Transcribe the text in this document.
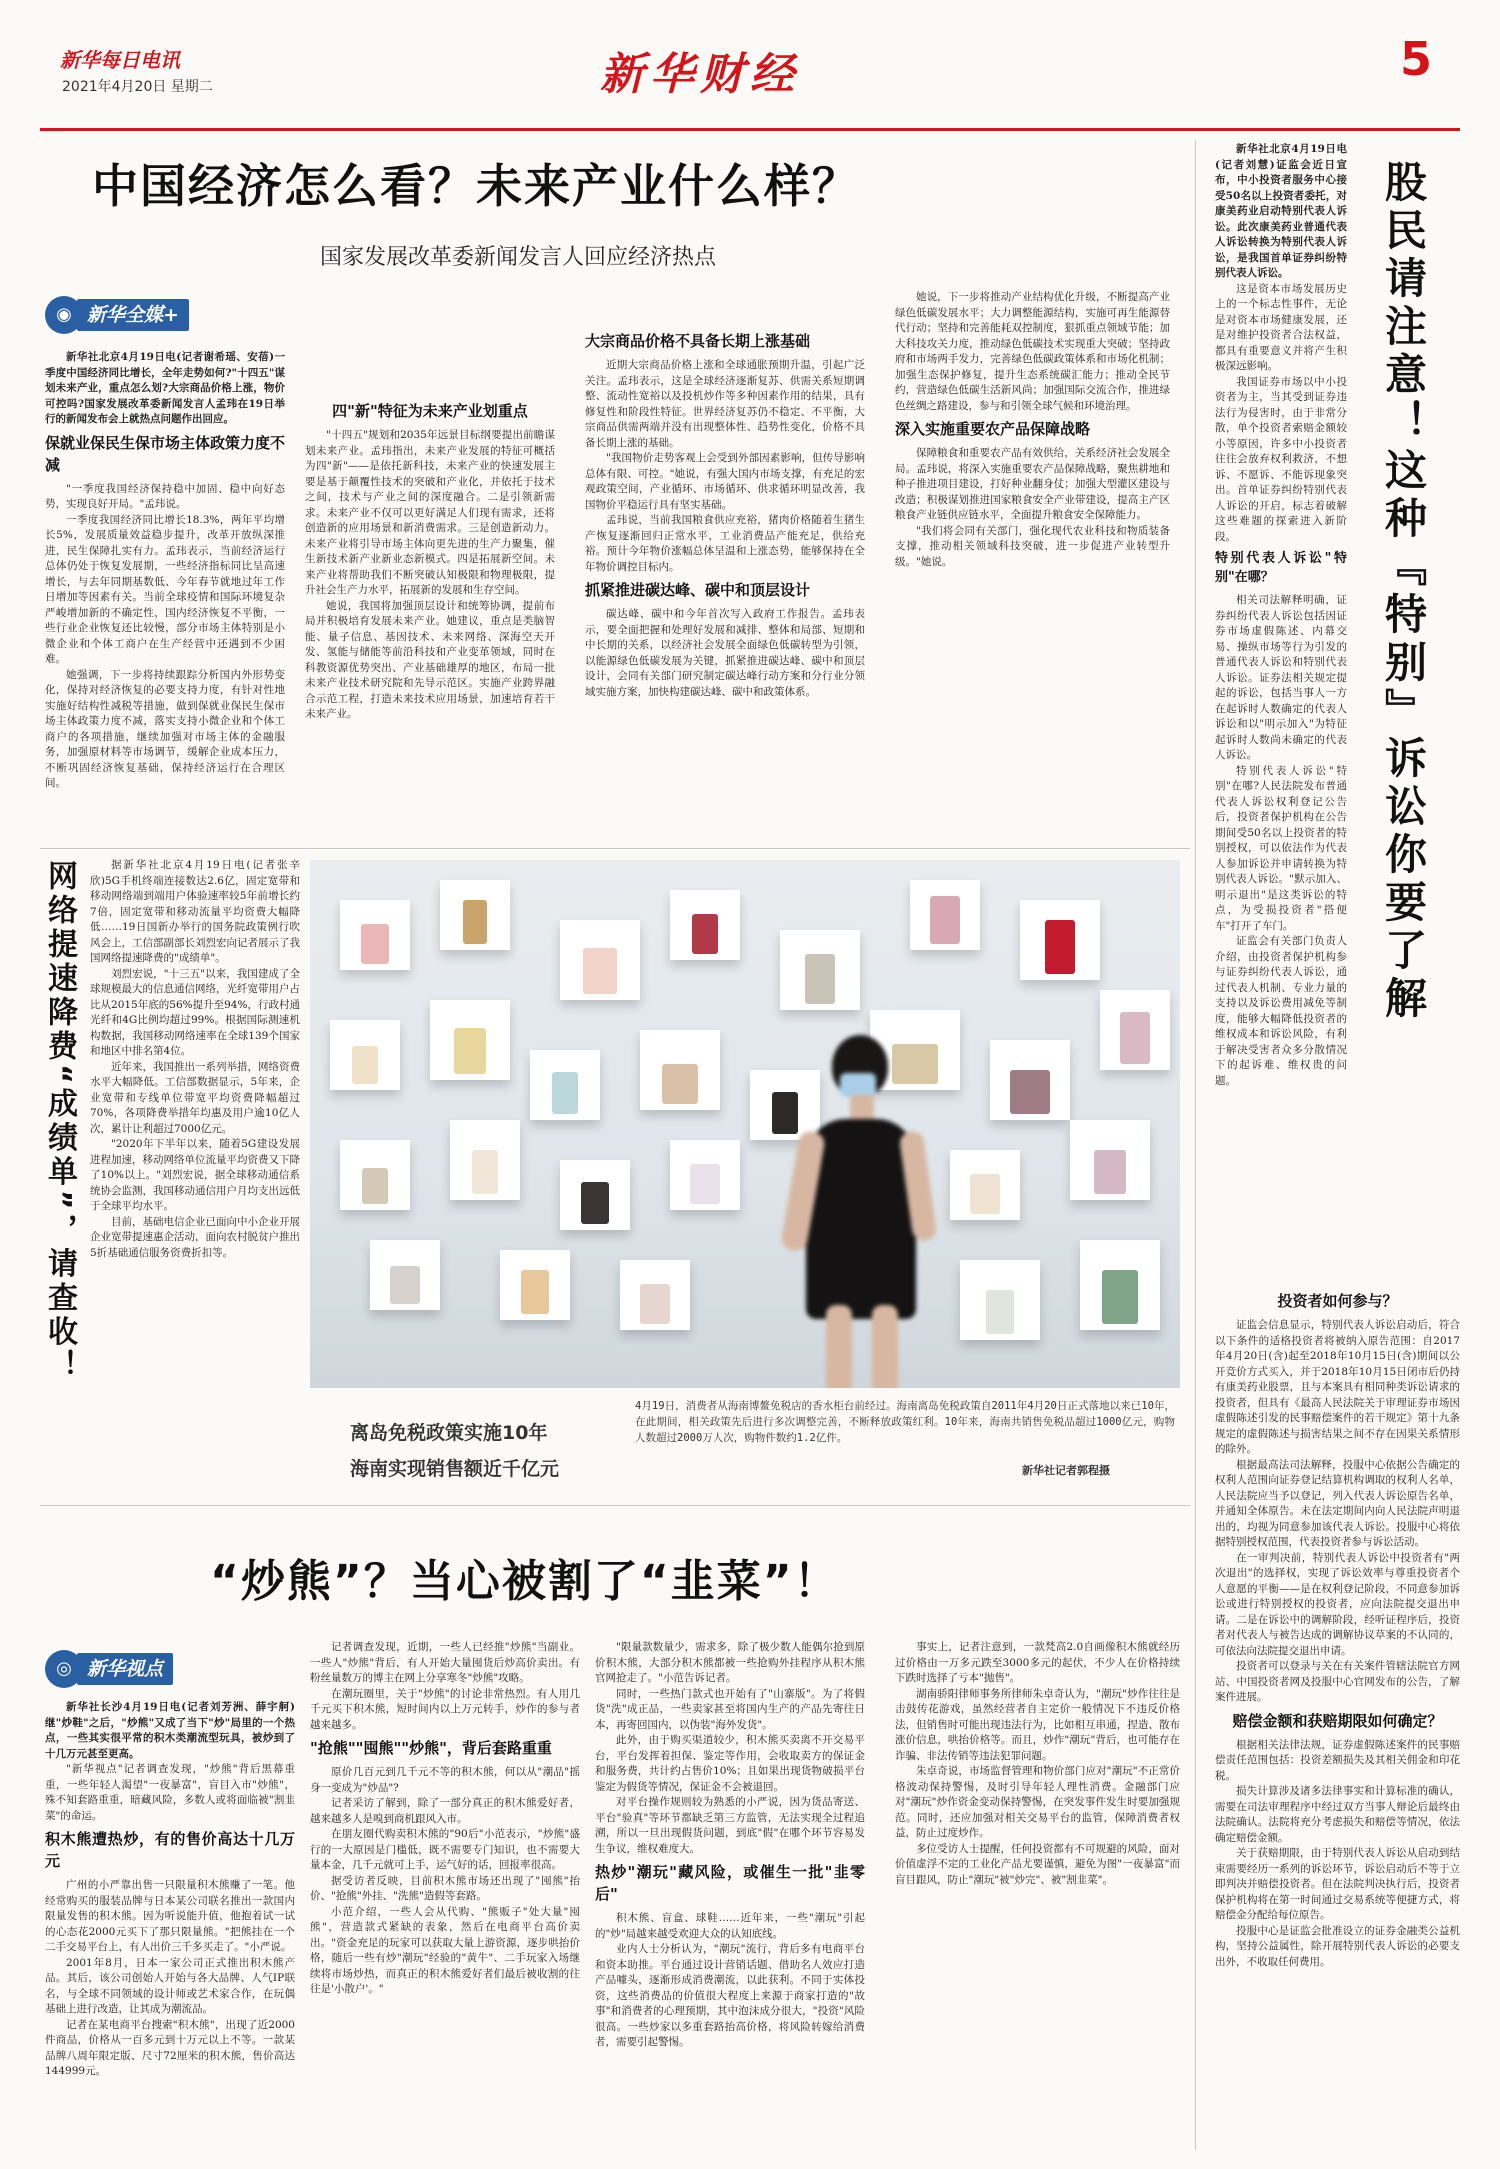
新华每日电讯
2021年4月20日 星期二	新华财经	5
中国经济怎么看？未来产业什么样？
国家发展改革委新闻发言人回应经济热点
◉ 新华全媒+

新华社北京4月19日电(记者谢希瑶、安蓓)一季度中国经济同比增长，全年走势如何?"十四五"谋划未来产业，重点怎么划?大宗商品价格上涨，物价可控吗?国家发展改革委新闻发言人孟玮在19日举行的新闻发布会上就热点问题作出回应。

保就业保民生保市场主体政策力度不减

"一季度我国经济保持稳中加固、稳中向好态势，实现良好开局。"孟玮说。

一季度我国经济同比增长18.3%，两年平均增长5%，发展质量效益稳步提升，改革开放纵深推进，民生保障扎实有力。孟玮表示，当前经济运行总体仍处于恢复发展期，一些经济指标同比呈高速增长，与去年同期基数低、今年春节就地过年工作日增加等因素有关。当前全球疫情和国际环境复杂严峻增加新的不确定性，国内经济恢复不平衡，一些行业企业恢复还比较慢，部分市场主体特别是小微企业和个体工商户在生产经营中还遇到不少困难。

她强调，下一步将持续跟踪分析国内外形势变化，保持对经济恢复的必要支持力度，有针对性地实施好结构性减税等措施，做到保就业保民生保市场主体政策力度不减，落实支持小微企业和个体工商户的各项措施，继续加强对市场主体的金融服务，加强原材料等市场调节，缓解企业成本压力，不断巩固经济恢复基础，保持经济运行在合理区间。

四"新"特征为未来产业划重点

"十四五"规划和2035年远景目标纲要提出前瞻谋划未来产业。孟玮指出，未来产业发展的特征可概括为四"新"——是依托新科技，未来产业的快速发展主要是基于颠覆性技术的突破和产业化，并依托于技术之间，技术与产业之间的深度融合。二是引领新需求。未来产业不仅可以更好满足人们现有需求，还将创造新的应用场景和新消费需求。三是创造新动力。未来产业将引导市场主体向更先进的生产力聚集，催生新技术新产业新业态新模式。四是拓展新空间。未来产业将帮助我们不断突破认知极限和物理极限，提升社会生产力水平，拓展新的发展和生存空间。

她说，我国将加强顶层设计和统筹协调，提前布局并积极培育发展未来产业。她建议，重点是类脑智能、量子信息、基因技术、未来网络、深海空天开发、氢能与储能等前沿科技和产业变革领域，同时在科教资源优势突出、产业基础雄厚的地区，布局一批未来产业技术研究院和先导示范区。实施产业跨界融合示范工程，打造未来技术应用场景，加速培育若干未来产业。

大宗商品价格不具备长期上涨基础

近期大宗商品价格上涨和全球通胀预期升温，引起广泛关注。孟玮表示，这是全球经济逐渐复苏、供需关系短期调整、流动性宽裕以及投机炒作等多种因素作用的结果，具有修复性和阶段性特征。世界经济复苏仍不稳定、不平衡，大宗商品供需两端并没有出现整体性、趋势性变化，价格不具备长期上涨的基础。

"我国物价走势客观上会受到外部因素影响，但传导影响总体有限、可控。"她说，有强大国内市场支撑，有充足的宏观政策空间，产业循环、市场循环、供求循环明显改善，我国物价平稳运行具有坚实基础。

孟玮说，当前我国粮食供应充裕，猪肉价格随着生猪生产恢复逐渐回归正常水平，工业消费品产能充足，供给充裕。预计今年物价涨幅总体呈温和上涨态势，能够保持在全年物价调控目标内。

抓紧推进碳达峰、碳中和顶层设计

碳达峰、碳中和今年首次写入政府工作报告。孟玮表示，要全面把握和处理好发展和减排、整体和局部、短期和中长期的关系，以经济社会发展全面绿色低碳转型为引领，以能源绿色低碳发展为关键，抓紧推进碳达峰、碳中和顶层设计，会同有关部门研究制定碳达峰行动方案和分行业分领域实施方案，加快构建碳达峰、碳中和政策体系。

她说，下一步将推动产业结构优化升级，不断提高产业绿色低碳发展水平；大力调整能源结构，实施可再生能源替代行动；坚持和完善能耗双控制度，狠抓重点领域节能；加大科技攻关力度，推动绿色低碳技术实现重大突破；坚持政府和市场两手发力，完善绿色低碳政策体系和市场化机制；加强生态保护修复，提升生态系统碳汇能力；推动全民节约，营造绿色低碳生活新风尚；加强国际交流合作，推进绿色丝绸之路建设，参与和引领全球气候和环境治理。

深入实施重要农产品保障战略

保障粮食和重要农产品有效供给，关系经济社会发展全局。孟玮说，将深入实施重要农产品保障战略，聚焦耕地和种子推进项目建设，打好种业翻身仗；加强大型灌区建设与改造；积极谋划推进国家粮食安全产业带建设，提高主产区粮食产业链供应链水平，全面提升粮食安全保障能力。

"我们将会同有关部门，强化现代农业科技和物质装备支撑，推动相关领域科技突破，进一步促进产业转型升级。"她说。

网络提速降费“成绩单”，请查收！	据新华社北京4月19日电(记者张辛欣)5G手机终端连接数达2.6亿，固定宽带和移动网络端到端用户体验速率较5年前增长约7倍，固定宽带和移动流量平均资费大幅降低……19日国新办举行的国务院政策例行吹风会上，工信部副部长刘烈宏向记者展示了我国网络提速降费的"成绩单"。

刘烈宏说，"十三五"以来，我国建成了全球规模最大的信息通信网络，光纤宽带用户占比从2015年底的56%提升至94%，行政村通光纤和4G比例均超过99%。根据国际测速机构数据，我国移动网络速率在全球139个国家和地区中排名第4位。

近年来，我国推出一系列举措，网络资费水平大幅降低。工信部数据显示，5年来，企业宽带和专线单位带宽平均资费降幅超过70%，各项降费举措年均惠及用户逾10亿人次，累计让利超过7000亿元。

"2020年下半年以来，随着5G建设发展进程加速，移动网络单位流量平均资费又下降了10%以上。"刘烈宏说，据全球移动通信系统协会监测，我国移动通信用户月均支出远低于全球平均水平。

目前，基础电信企业已面向中小企业开展企业宽带提速惠企活动，面向农村脱贫户推出5折基础通信服务资费折扣等。

离岛免税政策实施10年
海南实现销售额近千亿元
4月19日，消费者从海南博鳌免税店的香水柜台前经过。海南离岛免税政策自2011年4月20日正式落地以来已10年，在此期间，相关政策先后进行多次调整完善，不断释放政策红利。10年来，海南共销售免税品超过1000亿元，购物人数超过2000万人次，购物件数约1.2亿件。
新华社记者郭程摄

新华社北京4月19日电(记者刘慧)证监会近日宣布，中小投资者服务中心接受50名以上投资者委托，对康美药业启动特别代表人诉讼。此次康美药业普通代表人诉讼转换为特别代表人诉讼，是我国首单证券纠纷特别代表人诉讼。

这是资本市场发展历史上的一个标志性事件，无论是对资本市场健康发展，还是对维护投资者合法权益，都具有重要意义并将产生积极深远影响。

我国证券市场以中小投资者为主，当其受到证券违法行为侵害时，由于非常分散，单个投资者索赔金额较小等原因，许多中小投资者往往会放弃权利救济，不想诉、不愿诉、不能诉现象突出。首单证券纠纷特别代表人诉讼的开启，标志着破解这些难题的探索进入新阶段。

特别代表人诉讼"特别"在哪？

相关司法解释明确，证券纠纷代表人诉讼包括因证券市场虚假陈述、内幕交易、操纵市场等行为引发的普通代表人诉讼和特别代表人诉讼。证券法相关规定提起的诉讼，包括当事人一方在起诉时人数确定的代表人诉讼和以"明示加入"为特征起诉时人数尚未确定的代表人诉讼。

特别代表人诉讼"特别"在哪?人民法院发布普通代表人诉讼权利登记公告后，投资者保护机构在公告期间受50名以上投资者的特别授权，可以依法作为代表人参加诉讼并申请转换为特别代表人诉讼。"默示加入、明示退出"是这类诉讼的特点，为受损投资者"搭便车"打开了车门。

证监会有关部门负责人介绍，由投资者保护机构参与证券纠纷代表人诉讼，通过代表人机制、专业力量的支持以及诉讼费用减免等制度，能够大幅降低投资者的维权成本和诉讼风险，有利于解决受害者众多分散情况下的起诉难、维权贵的问题。

股民请注意！这种『特别』诉讼你要了解
投资者如何参与？

证监会信息显示，特别代表人诉讼启动后，符合以下条件的适格投资者将被纳入原告范围：自2017年4月20日(含)起至2018年10月15日(含)期间以公开竞价方式买入，并于2018年10月15日闭市后仍持有康美药业股票，且与本案具有相同种类诉讼请求的投资者，但具有《最高人民法院关于审理证券市场因虚假陈述引发的民事赔偿案件的若干规定》第十九条规定的虚假陈述与损害结果之间不存在因果关系情形的除外。

根据最高法司法解释，投服中心依据公告确定的权利人范围向证券登记结算机构调取的权利人名单，人民法院应当予以登记，列入代表人诉讼原告名单，并通知全体原告。未在法定期间内向人民法院声明退出的，均视为同意参加该代表人诉讼。投服中心将依据特别授权范围，代表投资者参与诉讼活动。

在一审判决前，特别代表人诉讼中投资者有"两次退出"的选择权，实现了诉讼效率与尊重投资者个人意愿的平衡——是在权利登记阶段，不同意参加诉讼或进行特别授权的投资者，应向法院提交退出申请。二是在诉讼中的调解阶段，经听证程序后，投资者对代表人与被告达成的调解协议草案的不认同的，可依法向法院提交退出申请。

投资者可以登录与关在有关案件管辖法院官方网站、中国投资者网及投服中心官网发布的公告，了解案件进展。

赔偿金额和获赔期限如何确定？

根据相关法律法规，证券虚假陈述案件的民事赔偿责任范围包括：投资差额损失及其相关佣金和印花税。

损失计算涉及诸多法律事实和计算标准的确认，需要在司法审理程序中经过双方当事人辩论后最终由法院确认。法院将充分考虑损失和赔偿等情况，依法确定赔偿金额。

关于获赔期限，由于特别代表人诉讼从启动到结束需要经历一系列的诉讼环节，诉讼启动后不等于立即判决并赔偿投资者。但在法院判决执行后，投资者保护机构将在第一时间通过交易系统等便捷方式，将赔偿金分配给每位原告。

投服中心是证监会批准设立的证券金融类公益机构，坚持公益属性，除开展特别代表人诉讼的必要支出外，不收取任何费用。

“炒熊”？当心被割了“韭菜”！
◎ 新华视点

新华社长沙4月19日电(记者刘芳洲、薛宇舸)继"炒鞋"之后，"炒熊"又成了当下"炒"局里的一个热点，一些其实很平常的积木类潮流型玩具，被炒到了十几万元甚至更高。

"新华视点"记者调查发现，"炒熊"背后黑幕重重，一些年轻人渴望"一夜暴富"，盲目入市"炒熊"，殊不知套路重重，暗藏风险，多数人或将面临被"割韭菜"的命运。

积木熊遭热炒，有的售价高达十几万元

广州的小严靠出售一只限量积木熊赚了一笔。他经常购买的服装品牌与日本某公司联名推出一款国内限量发售的积木熊。因为听说能升值，他抱着试一试的心态花2000元买下了那只限量熊。"把熊挂在一个二手交易平台上，有人出价三千多买走了。"小严说。

2001年8月，日本一家公司正式推出积木熊产品。其后，该公司创始人开始与各大品牌、人气IP联名，与全球不同领域的设计师或艺术家合作，在玩偶基础上进行改造，让其成为潮流品。

记者在某电商平台搜索"积木熊"，出现了近2000件商品，价格从一百多元到十万元以上不等。一款某品牌八周年限定版、尺寸72厘米的积木熊，售价高达144999元。

记者调查发现，近期，一些人已经推"炒熊"当副业。一些人"炒熊"背后，有人开始大量囤货后炒高价卖出。有粉丝量数万的博主在网上分享寒冬"炒熊"攻略。

在潮玩圈里，关于"炒熊"的讨论非常热烈。有人用几千元买下积木熊，短时间内以上万元转手，炒作的参与者越来越多。

"抢熊""囤熊""炒熊"，背后套路重重

原价几百元到几千元不等的积木熊，何以从"潮品"摇身一变成为"炒品"?

记者采访了解到，除了一部分真正的积木熊爱好者，越来越多人是嗅到商机跟风入市。

在朋友圈代购卖积木熊的"90后"小范表示，"炒熊"盛行的一大原因是门槛低，既不需要专门知识，也不需要大量本金，几千元就可上手，运气好的话，回报率很高。

据受访者反映，目前积木熊市场还出现了"囤熊"抬价、"抢熊"外挂、"洗熊"造假等套路。

小范介绍，一些人会从代购、"熊贩子"处大量"囤熊"，营造款式紧缺的表象，然后在电商平台高价卖出。"资金充足的玩家可以获取大量上游资源，逐步哄抬价格，随后一些有炒"潮玩"经验的"黄牛"、二手玩家入场继续将市场炒热，而真正的积木熊爱好者们最后被收割的往往是'小散户'。"

"限量款数量少，需求多，除了极少数人能偶尔抢到原价积木熊，大部分积木熊都被一些抢购外挂程序从积木熊官网抢走了。"小范告诉记者。

同时，一些热门款式也开始有了"山寨版"。为了将假货"洗"成正品，一些卖家甚至将国内生产的产品先寄往日本，再寄回国内，以伪装"海外发货"。

此外，由于购买渠道较少，积木熊买卖离不开交易平台，平台发挥着担保、鉴定等作用，会收取卖方的保证金和服务费，共计约占售价10%；且如果出现货物破损平台鉴定为假货等情况，保证金不会被退回。

对平台操作规则较为熟悉的小严说，因为货品寄送、平台"验真"等环节都缺乏第三方监管，无法实现全过程追溯，所以一旦出现假货问题，到底"假"在哪个环节容易发生争议，维权难度大。

热炒"潮玩"藏风险，或催生一批"韭零后"

积木熊、盲盒、球鞋……近年来，一些"潮玩"引起的"炒"局越来越受欢迎大众的认知底线。

业内人士分析认为，"潮玩"流行，背后多有电商平台和资本助推。平台通过设计营销话题、借助名人效应打造产品噱头，逐渐形成消费潮流，以此获利。不同于实体投资，这些消费品的价值很大程度上来源于商家打造的"故事"和消费者的心理预期，其中泡沫成分很大，"投资"风险很高。一些炒家以多重套路抬高价格，将风险转嫁给消费者，需要引起警惕。

事实上，记者注意到，一款梵高2.0自画像积木熊就经历过价格由一万多元跌至3000多元的起伏，不少人在价格持续下跌时选择了亏本"抛售"。

湖南骄阳律师事务所律师朱卓奇认为，"潮玩"炒作往往是击鼓传花游戏，虽然经营者自主定价一般情况下不违反价格法，但销售时可能出现违法行为，比如相互串通，捏造、散布涨价信息，哄抬价格等。而且，炒作"潮玩"背后，也可能存在诈骗、非法传销等违法犯罪问题。

朱卓奇说，市场监督管理和物价部门应对"潮玩"不正常价格波动保持警惕，及时引导年轻人理性消费。金融部门应对"潮玩"炒作资金变动保持警惕，在突发事件发生时要加强规范。同时，还应加强对相关交易平台的监管，保障消费者权益，防止过度炒作。

多位受访人士提醒，任何投资都有不可规避的风险，面对价值虚浮不定的工业化产品尤要谨慎，避免为图"一夜暴富"而盲目跟风，防止"潮玩"被"炒完"、被"割韭菜"。
